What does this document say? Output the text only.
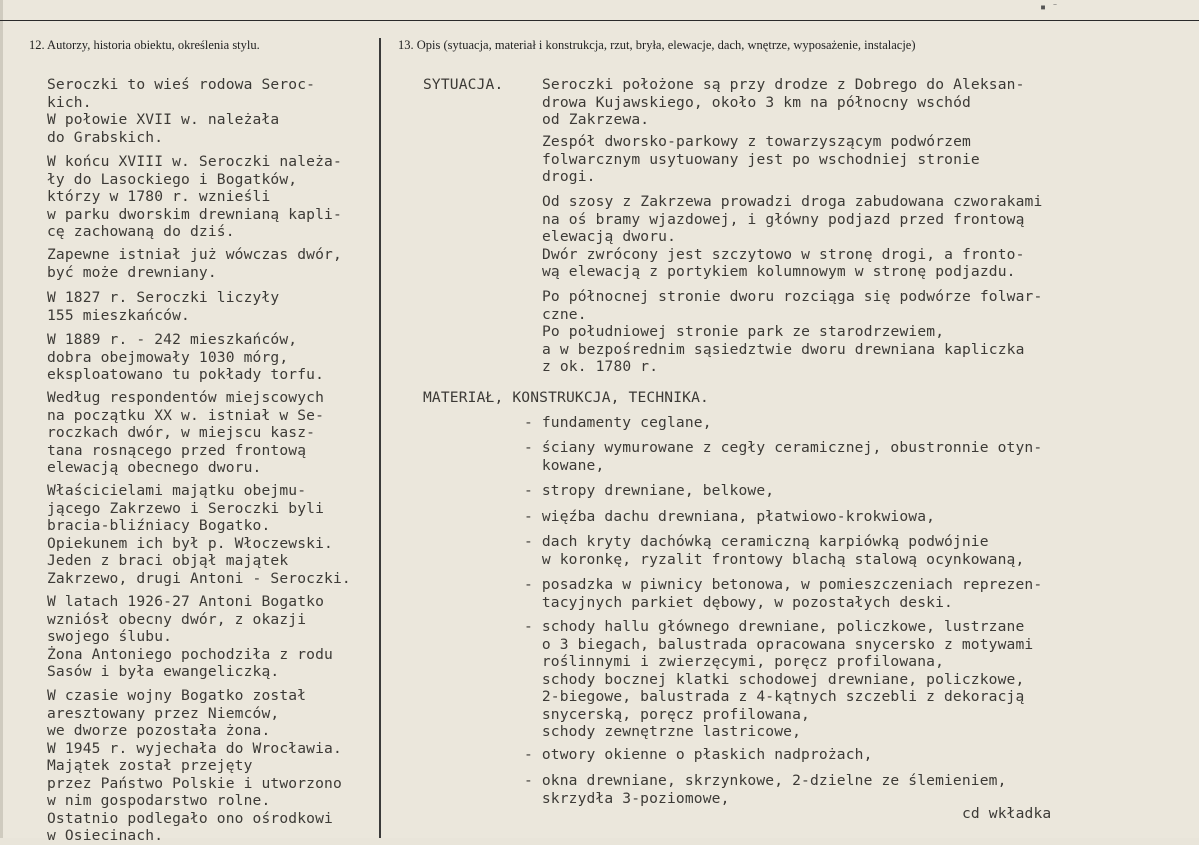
▪ ⁻
12. Autorzy, historia obiektu, określenia stylu.	13. Opis (sytuacja, materiał i konstrukcja, rzut, bryła, elewacje, dach, wnętrze, wyposażenie, instalacje)
Seroczki to wieś rodowa Seroc-
kich.
W połowie XVII w. należała
do Grabskich.
W końcu XVIII w. Seroczki należa-
ły do Lasockiego i Bogatków,
którzy w 1780 r. wznieśli
w parku dworskim drewnianą kapli-
cę zachowaną do dziś.
Zapewne istniał już wówczas dwór,
być może drewniany.
W 1827 r. Seroczki liczyły
155 mieszkańców.
W 1889 r. - 242 mieszkańców,
dobra obejmowały 1030 mórg,
eksploatowano tu pokłady torfu.
Według respondentów miejscowych
na początku XX w. istniał w Se-
roczkach dwór, w miejscu kasz-
tana rosnącego przed frontową
elewacją obecnego dworu.
Właścicielami majątku obejmu-
jącego Zakrzewo i Seroczki byli
bracia-bliźniacy Bogatko.
Opiekunem ich był p. Włoczewski.
Jeden z braci objął majątek
Zakrzewo, drugi Antoni - Seroczki.
W latach 1926-27 Antoni Bogatko
wzniósł obecny dwór, z okazji
swojego ślubu.
Żona Antoniego pochodziła z rodu
Sasów i była ewangeliczką.
W czasie wojny Bogatko został
aresztowany przez Niemców,
we dworze pozostała żona.
W 1945 r. wyjechała do Wrocławia.
Majątek został przejęty
przez Państwo Polskie i utworzono
w nim gospodarstwo rolne.
Ostatnio podlegało ono ośrodkowi
w Osiecinach.
SYTUACJA.	Seroczki położone są przy drodze z Dobrego do Aleksan-
drowa Kujawskiego, około 3 km na północny wschód
od Zakrzewa.
Zespół dworsko-parkowy z towarzyszącym podwórzem
folwarcznym usytuowany jest po wschodniej stronie
drogi.
Od szosy z Zakrzewa prowadzi droga zabudowana czworakami
na oś bramy wjazdowej, i główny podjazd przed frontową
elewacją dworu.
Dwór zwrócony jest szczytowo w stronę drogi, a fronto-
wą elewacją z portykiem kolumnowym w stronę podjazdu.
Po północnej stronie dworu rozciąga się podwórze folwar-
czne.
Po południowej stronie park ze starodrzewiem,
a w bezpośrednim sąsiedztwie dworu drewniana kapliczka
z ok. 1780 r.
MATERIAŁ, KONSTRUKCJA, TECHNIKA.
- fundamenty ceglane,
- ściany wymurowane z cegły ceramicznej, obustronnie otyn-
kowane,
- stropy drewniane, belkowe,
- więźba dachu drewniana, płatwiowo-krokwiowa,
- dach kryty dachówką ceramiczną karpiówką podwójnie
w koronkę, ryzalit frontowy blachą stalową ocynkowaną,
- posadzka w piwnicy betonowa, w pomieszczeniach reprezen-
tacyjnych parkiet dębowy, w pozostałych deski.
- schody hallu głównego drewniane, policzkowe, lustrzane
o 3 biegach, balustrada opracowana snycersko z motywami
roślinnymi i zwierzęcymi, poręcz profilowana,
schody bocznej klatki schodowej drewniane, policzkowe,
2-biegowe, balustrada z 4-kątnych szczebli z dekoracją
snycerską, poręcz profilowana,
schody zewnętrzne lastricowe,
- otwory okienne o płaskich nadprożach,
- okna drewniane, skrzynkowe, 2-dzielne ze ślemieniem,
skrzydła 3-poziomowe,
cd wkładka
